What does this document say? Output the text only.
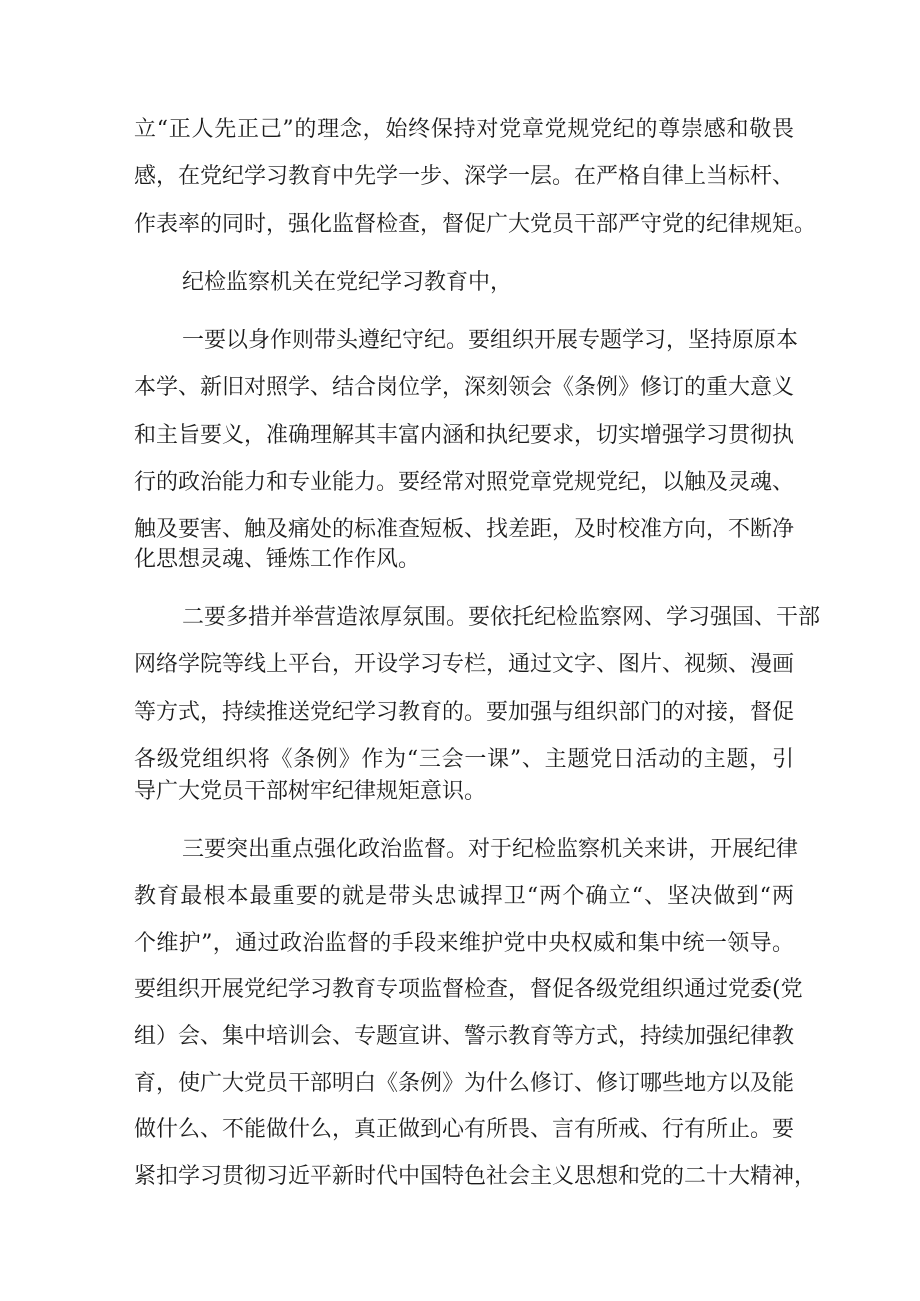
立“正人先正己”的理念，始终保持对党章党规党纪的尊崇感和敬畏
感，在党纪学习教育中先学一步、深学一层。在严格自律上当标杆、
作表率的同时，强化监督检查，督促广大党员干部严守党的纪律规矩。
纪检监察机关在党纪学习教育中，
一要以身作则带头遵纪守纪。要组织开展专题学习，坚持原原本
本学、新旧对照学、结合岗位学，深刻领会《条例》修订的重大意义
和主旨要义，准确理解其丰富内涵和执纪要求，切实增强学习贯彻执
行的政治能力和专业能力。要经常对照党章党规党纪，以触及灵魂、
触及要害、触及痛处的标准查短板、找差距，及时校准方向，不断净
化思想灵魂、锤炼工作作风。
二要多措并举营造浓厚氛围。要依托纪检监察网、学习强国、干部
网络学院等线上平台，开设学习专栏，通过文字、图片、视频、漫画
等方式，持续推送党纪学习教育的。要加强与组织部门的对接，督促
各级党组织将《条例》作为“三会一课”、主题党日活动的主题，引
导广大党员干部树牢纪律规矩意识。
三要突出重点强化政治监督。对于纪检监察机关来讲，开展纪律
教育最根本最重要的就是带头忠诚捍卫“两个确立“、坚决做到“两
个维护”，通过政治监督的手段来维护党中央权威和集中统一领导。
要组织开展党纪学习教育专项监督检查，督促各级党组织通过党委(党
组）会、集中培训会、专题宣讲、警示教育等方式，持续加强纪律教
育，使广大党员干部明白《条例》为什么修订、修订哪些地方以及能
做什么、不能做什么，真正做到心有所畏、言有所戒、行有所止。要
紧扣学习贯彻习近平新时代中国特色社会主义思想和党的二十大精神，
